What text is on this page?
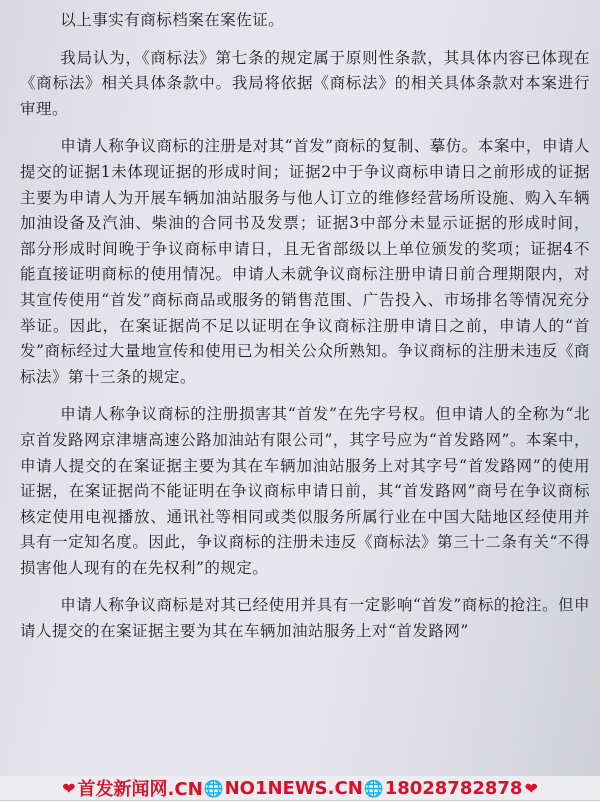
以上事实有商标档案在案佐证。

我局认为，《商标法》第七条的规定属于原则性条款，其具体内容已体现在《商标法》相关具体条款中。我局将依据《商标法》的相关具体条款对本案进行审理。

申请人称争议商标的注册是对其“首发”商标的复制、摹仿。本案中，申请人提交的证据1未体现证据的形成时间；证据2中于争议商标申请日之前形成的证据主要为申请人为开展车辆加油站服务与他人订立的维修经营场所设施、购入车辆加油设备及汽油、柴油的合同书及发票；证据3中部分未显示证据的形成时间，部分形成时间晚于争议商标申请日，且无省部级以上单位颁发的奖项；证据4不能直接证明商标的使用情况。申请人未就争议商标注册申请日前合理期限内，对其宣传使用“首发”商标商品或服务的销售范围、广告投入、市场排名等情况充分举证。因此，在案证据尚不足以证明在争议商标注册申请日之前，申请人的“首发”商标经过大量地宣传和使用已为相关公众所熟知。争议商标的注册未违反《商标法》第十三条的规定。

申请人称争议商标的注册损害其“首发”在先字号权。但申请人的全称为“北京首发路网京津塘高速公路加油站有限公司”，其字号应为“首发路网”。本案中，申请人提交的在案证据主要为其在车辆加油站服务上对其字号“首发路网”的使用证据，在案证据尚不能证明在争议商标申请日前，其“首发路网”商号在争议商标核定使用电视播放、通讯社等相同或类似服务所属行业在中国大陆地区经使用并具有一定知名度。因此，争议商标的注册未违反《商标法》第三十二条有关“不得损害他人现有的在先权利”的规定。

申请人称争议商标是对其已经使用并具有一定影响“首发”商标的抢注。但申请人提交的在案证据主要为其在车辆加油站服务上对“首发路网”

❤ 首发新闻网.CN 🌐 NO1NEWS.CN 🌐 18028782878 ❤
